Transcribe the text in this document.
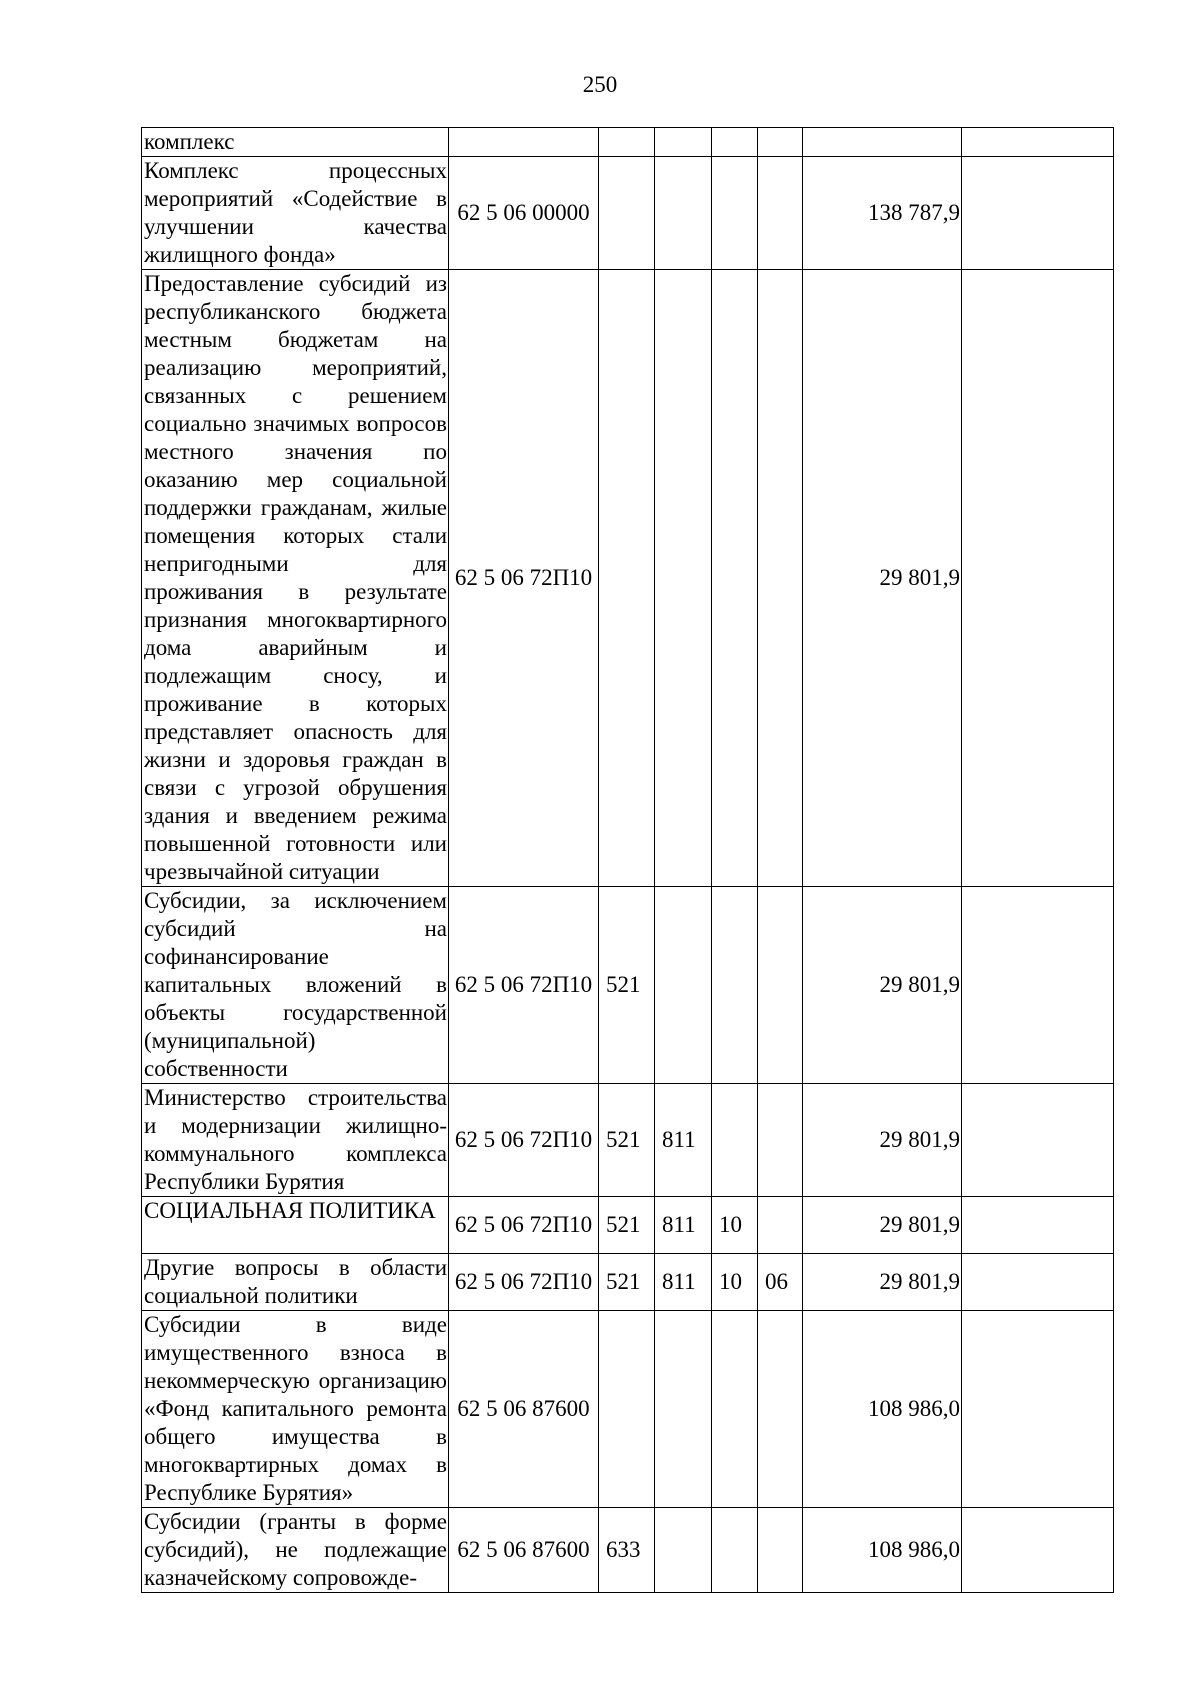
250
комплекс							
Комплекс процессных мероприятий «Содействие в улучшении качества жилищного фонда»	62 5 06 00000					138 787,9	
Предоставление субсидий из республиканского бюджета местным бюджетам на реализацию мероприятий, связанных с решением социально значимых вопросов местного значения по оказанию мер социальной поддержки гражданам, жилые помещения которых стали непригодными для проживания в результате признания многоквартирного дома аварийным и подлежащим сносу, и проживание в которых представляет опасность для жизни и здоровья граждан в связи с угрозой обрушения здания и введением режима повышенной готовности или чрезвычайной ситуации	62 5 06 72П10					29 801,9	
Субсидии, за исключением субсидий на софинансирование капитальных вложений в объекты государственной (муниципальной) собственности	62 5 06 72П10	521				29 801,9	
Министерство строительства и модернизации жилищно-коммунального комплекса Республики Бурятия	62 5 06 72П10	521	811			29 801,9	
СОЦИАЛЬНАЯ ПОЛИТИКА	62 5 06 72П10	521	811	10		29 801,9	
Другие вопросы в области социальной политики	62 5 06 72П10	521	811	10	06	29 801,9	
Субсидии в виде имущественного взноса в некоммерческую организацию «Фонд капитального ремонта общего имущества в многоквартирных домах в Республике Бурятия»	62 5 06 87600					108 986,0	
Субсидии (гранты в форме субсидий), не подлежащие казначейскому сопровожде-	62 5 06 87600	633				108 986,0	
